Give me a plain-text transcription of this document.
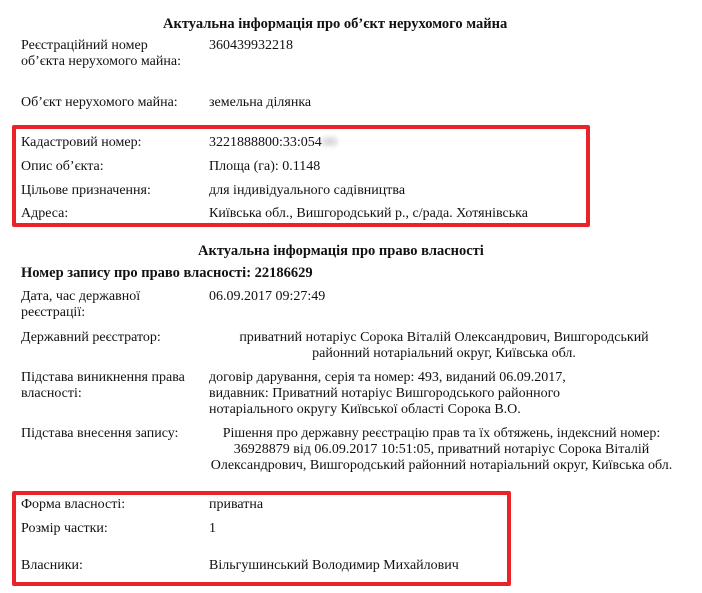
Актуальна інформація про об’єкт нерухомого майна
Реєстраційний номер об’єкта нерухомого майна:
360439932218
Об’єкт нерухомого майна:	земельна ділянка
Кадастровий номер:	3221888800:33:05400
Опис об’єкта:	Площа (га): 0.1148
Цільове призначення:	для індивідуального садівництва
Адреса:	Київська обл., Вишгородський р., с/рада. Хотянівська
Актуальна інформація про право власності
Номер запису про право власності: 22186629
Дата, час державної реєстрації:
06.09.2017 09:27:49
Державний реєстратор:	приватний нотаріус Сорока Віталій Олександрович, Вишгородський районний нотаріальний округ, Київська обл.
Підстава виникнення права власності:
договір дарування, серія та номер: 493, виданий 06.09.2017, видавник: Приватний нотаріус Вишгородського районного нотаріального округу Київської області Сорока В.О.
Підстава внесення запису:	Рішення про державну реєстрацію прав та їх обтяжень, індексний номер: 36928879 від 06.09.2017 10:51:05, приватний нотаріус Сорока Віталій Олександрович, Вишгородський районний нотаріальний округ, Київська обл.
Форма власності:	приватна
Розмір частки:	1
Власники:	Вільгушинський Володимир Михайлович
